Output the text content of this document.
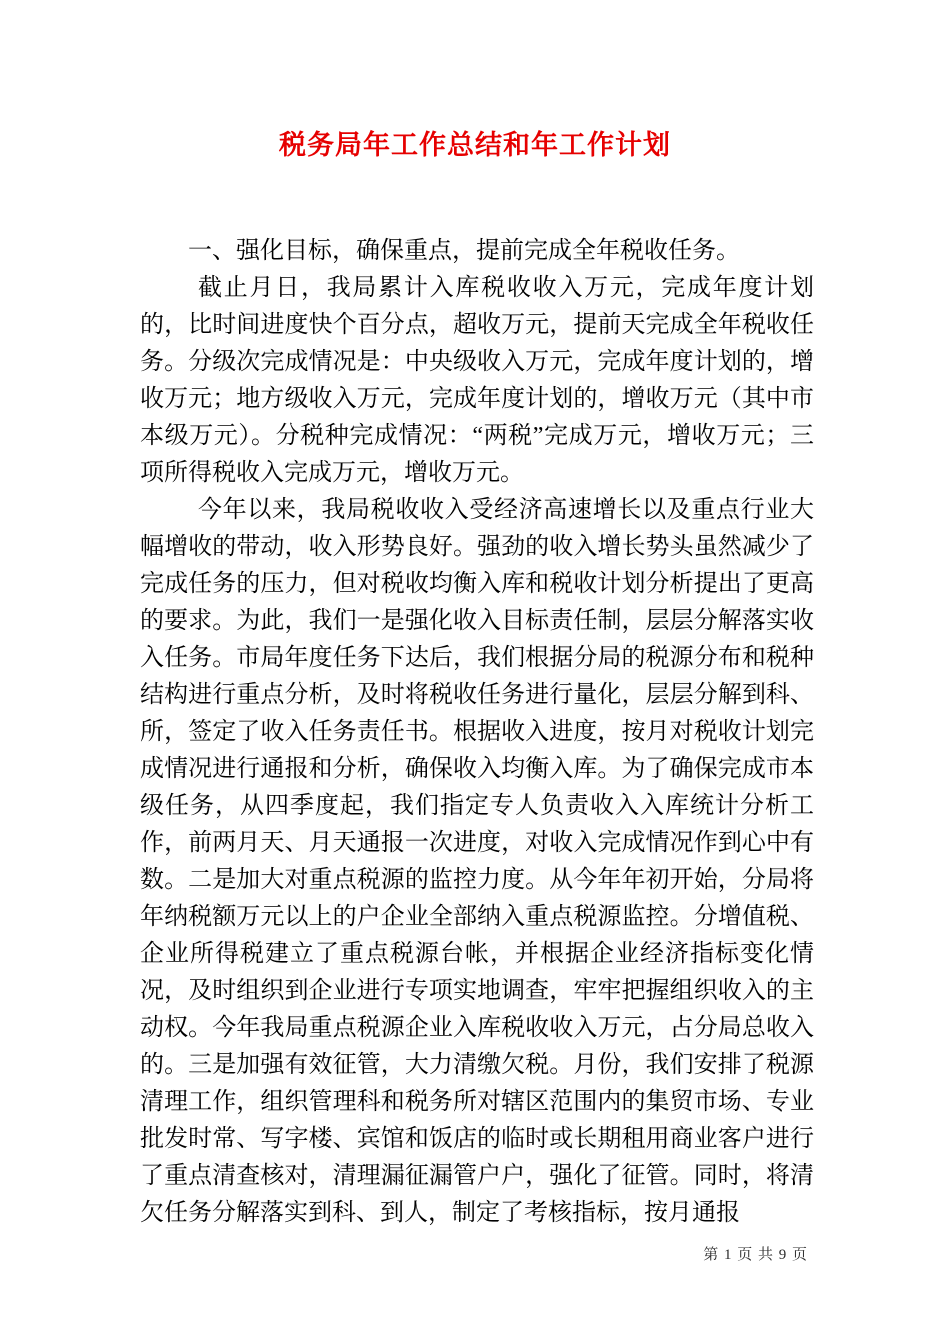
税务局年工作总结和年工作计划

一、强化目标，确保重点，提前完成全年税收任务。

截止月日，我局累计入库税收收入万元，完成年度计划的，比时间进度快个百分点，超收万元，提前天完成全年税收任务。分级次完成情况是：中央级收入万元，完成年度计划的，增收万元；地方级收入万元，完成年度计划的，增收万元（其中市本级万元）。分税种完成情况：“两税”完成万元，增收万元；三项所得税收入完成万元，增收万元。

今年以来，我局税收收入受经济高速增长以及重点行业大幅增收的带动，收入形势良好。强劲的收入增长势头虽然减少了完成任务的压力，但对税收均衡入库和税收计划分析提出了更高的要求。为此，我们一是强化收入目标责任制，层层分解落实收入任务。市局年度任务下达后，我们根据分局的税源分布和税种结构进行重点分析，及时将税收任务进行量化，层层分解到科、所，签定了收入任务责任书。根据收入进度，按月对税收计划完成情况进行通报和分析，确保收入均衡入库。为了确保完成市本级任务，从四季度起，我们指定专人负责收入入库统计分析工作，前两月天、月天通报一次进度，对收入完成情况作到心中有数。二是加大对重点税源的监控力度。从今年年初开始，分局将年纳税额万元以上的户企业全部纳入重点税源监控。分增值税、企业所得税建立了重点税源台帐，并根据企业经济指标变化情况，及时组织到企业进行专项实地调查，牢牢把握组织收入的主动权。今年我局重点税源企业入库税收收入万元，占分局总收入的。三是加强有效征管，大力清缴欠税。月份，我们安排了税源清理工作，组织管理科和税务所对辖区范围内的集贸市场、专业批发时常、写字楼、宾馆和饭店的临时或长期租用商业客户进行了重点清查核对，清理漏征漏管户户，强化了征管。同时，将清欠任务分解落实到科、到人，制定了考核指标，按月通报

第 1 页 共 9 页
